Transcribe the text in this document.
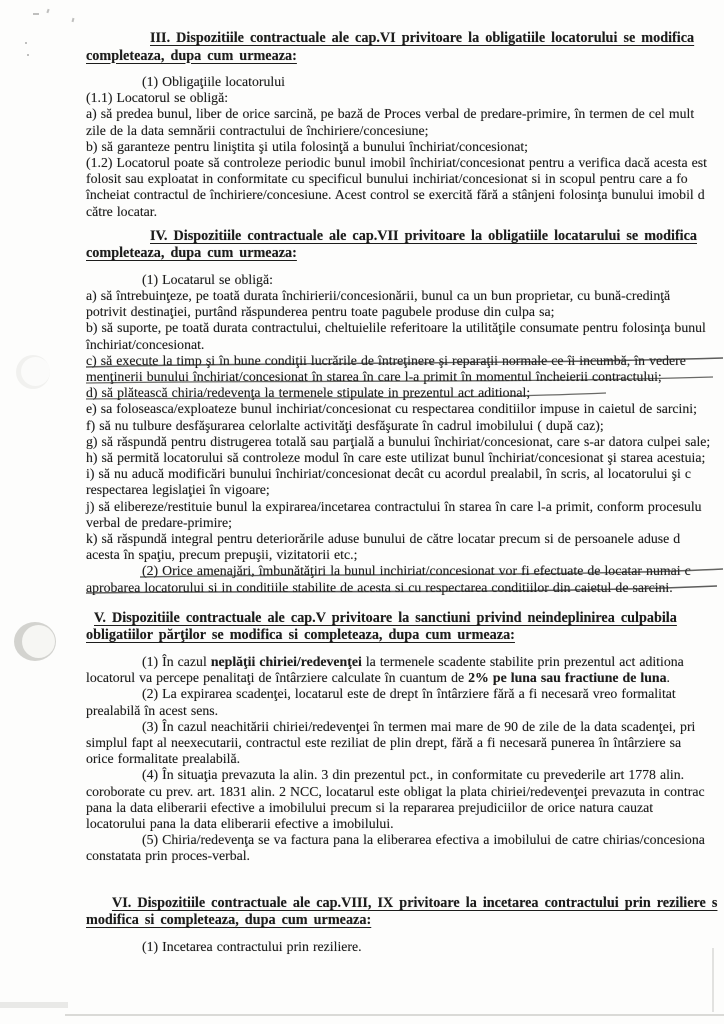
III. Dispozitiile contractuale ale cap.VI privitoare la obligatiile locatorului se modifica
completeaza, dupa cum urmeaza:
(1) Obligaţiile locatorului
(1.1) Locatorul se obligă:
a) să predea bunul, liber de orice sarcină, pe bază de Proces verbal de predare-primire, în termen de cel mult
zile de la data semnării contractului de închiriere/concesiune;
b) să garanteze pentru liniştita şi utila folosinţă a bunului închiriat/concesionat;
(1.2) Locatorul poate să controleze periodic bunul imobil închiriat/concesionat pentru a verifica dacă acesta est
folosit sau exploatat in conformitate cu specificul bunului inchiriat/concesionat si in scopul pentru care a fo
încheiat contractul de închiriere/concesiune. Acest control se exercită fără a stânjeni folosinţa bunului imobil d
către locatar.
IV. Dispozitiile contractuale ale cap.VII privitoare la obligatiile locatarului se modifica
completeaza, dupa cum urmeaza:
(1) Locatarul se obligă:
a) să întrebuinţeze, pe toată durata închirierii/concesionării, bunul ca un bun proprietar, cu bună-credinţă
potrivit destinaţiei, purtând răspunderea pentru toate pagubele produse din culpa sa;
b) să suporte, pe toată durata contractului, cheltuielile referitoare la utilităţile consumate pentru folosinţa bunul
închiriat/concesionat.
c) să execute la timp şi în bune condiţii lucrările de întreţinere şi reparaţii normale ce îi incumbă, în vedere
menţinerii bunului închiriat/concesionat în starea în care l-a primit în momentul încheierii contractului;
d) să plătească chiria/redevenţa la termenele stipulate in prezentul act aditional;
e) sa foloseasca/exploateze bunul inchiriat/concesionat cu respectarea conditiilor impuse in caietul de sarcini;
f) să nu tulbure desfăşurarea celorlalte activităţi desfăşurate în cadrul imobilului ( după caz);
g) să răspundă pentru distrugerea totală sau parţială a bunului închiriat/concesionat, care s-ar datora culpei sale;
h) să permită locatorului să controleze modul în care este utilizat bunul închiriat/concesionat şi starea acestuia;
i) să nu aducă modificări bunului închiriat/concesionat decât cu acordul prealabil, în scris, al locatorului şi c
respectarea legislaţiei în vigoare;
j) să elibereze/restituie bunul la expirarea/incetarea contractului în starea în care l-a primit, conform procesulu
verbal de predare-primire;
k) să răspundă integral pentru deteriorările aduse bunului de către locatar precum si de persoanele aduse d
acesta în spaţiu, precum prepuşii, vizitatorii etc.;
(2) Orice amenajări, îmbunătăţiri la bunul inchiriat/concesionat vor fi efectuate de locatar numai c
aprobarea locatorului si in conditiile stabilite de acesta si cu respectarea conditiilor din caietul de sarcini.
V. Dispozitiile contractuale ale cap.V privitoare la sanctiuni privind neindeplinirea culpabila
obligatiilor părţilor se modifica si completeaza, dupa cum urmeaza:
(1) În cazul neplăţii chiriei/redevenţei la termenele scadente stabilite prin prezentul act aditiona
locatorul va percepe penalitaţi de întârziere calculate în cuantum de 2% pe luna sau fractiune de luna.
(2) La expirarea scadenţei, locatarul este de drept în întârziere fără a fi necesară vreo formalitat
prealabilă în acest sens.
(3) În cazul neachitării chiriei/redevenţei în termen mai mare de 90 de zile de la data scadenţei, pri
simplul fapt al neexecutarii, contractul este reziliat de plin drept, fără a fi necesară punerea în întârziere sa
orice formalitate prealabilă.
(4) În situaţia prevazuta la alin. 3 din prezentul pct., in conformitate cu prevederile art 1778 alin.
coroborate cu prev. art. 1831 alin. 2 NCC, locatarul este obligat la plata chiriei/redevenţei prevazuta in contrac
pana la data eliberarii efective a imobilului precum si la repararea prejudiciilor de orice natura cauzat
locatorului pana la data eliberarii efective a imobilului.
(5) Chiria/redevenţa se va factura pana la eliberarea efectiva a imobilului de catre chirias/concesiona
constatata prin proces-verbal.
VI. Dispozitiile contractuale ale cap.VIII, IX privitoare la incetarea contractului prin reziliere s
modifica si completeaza, dupa cum urmeaza:
(1) Incetarea contractului prin reziliere.
